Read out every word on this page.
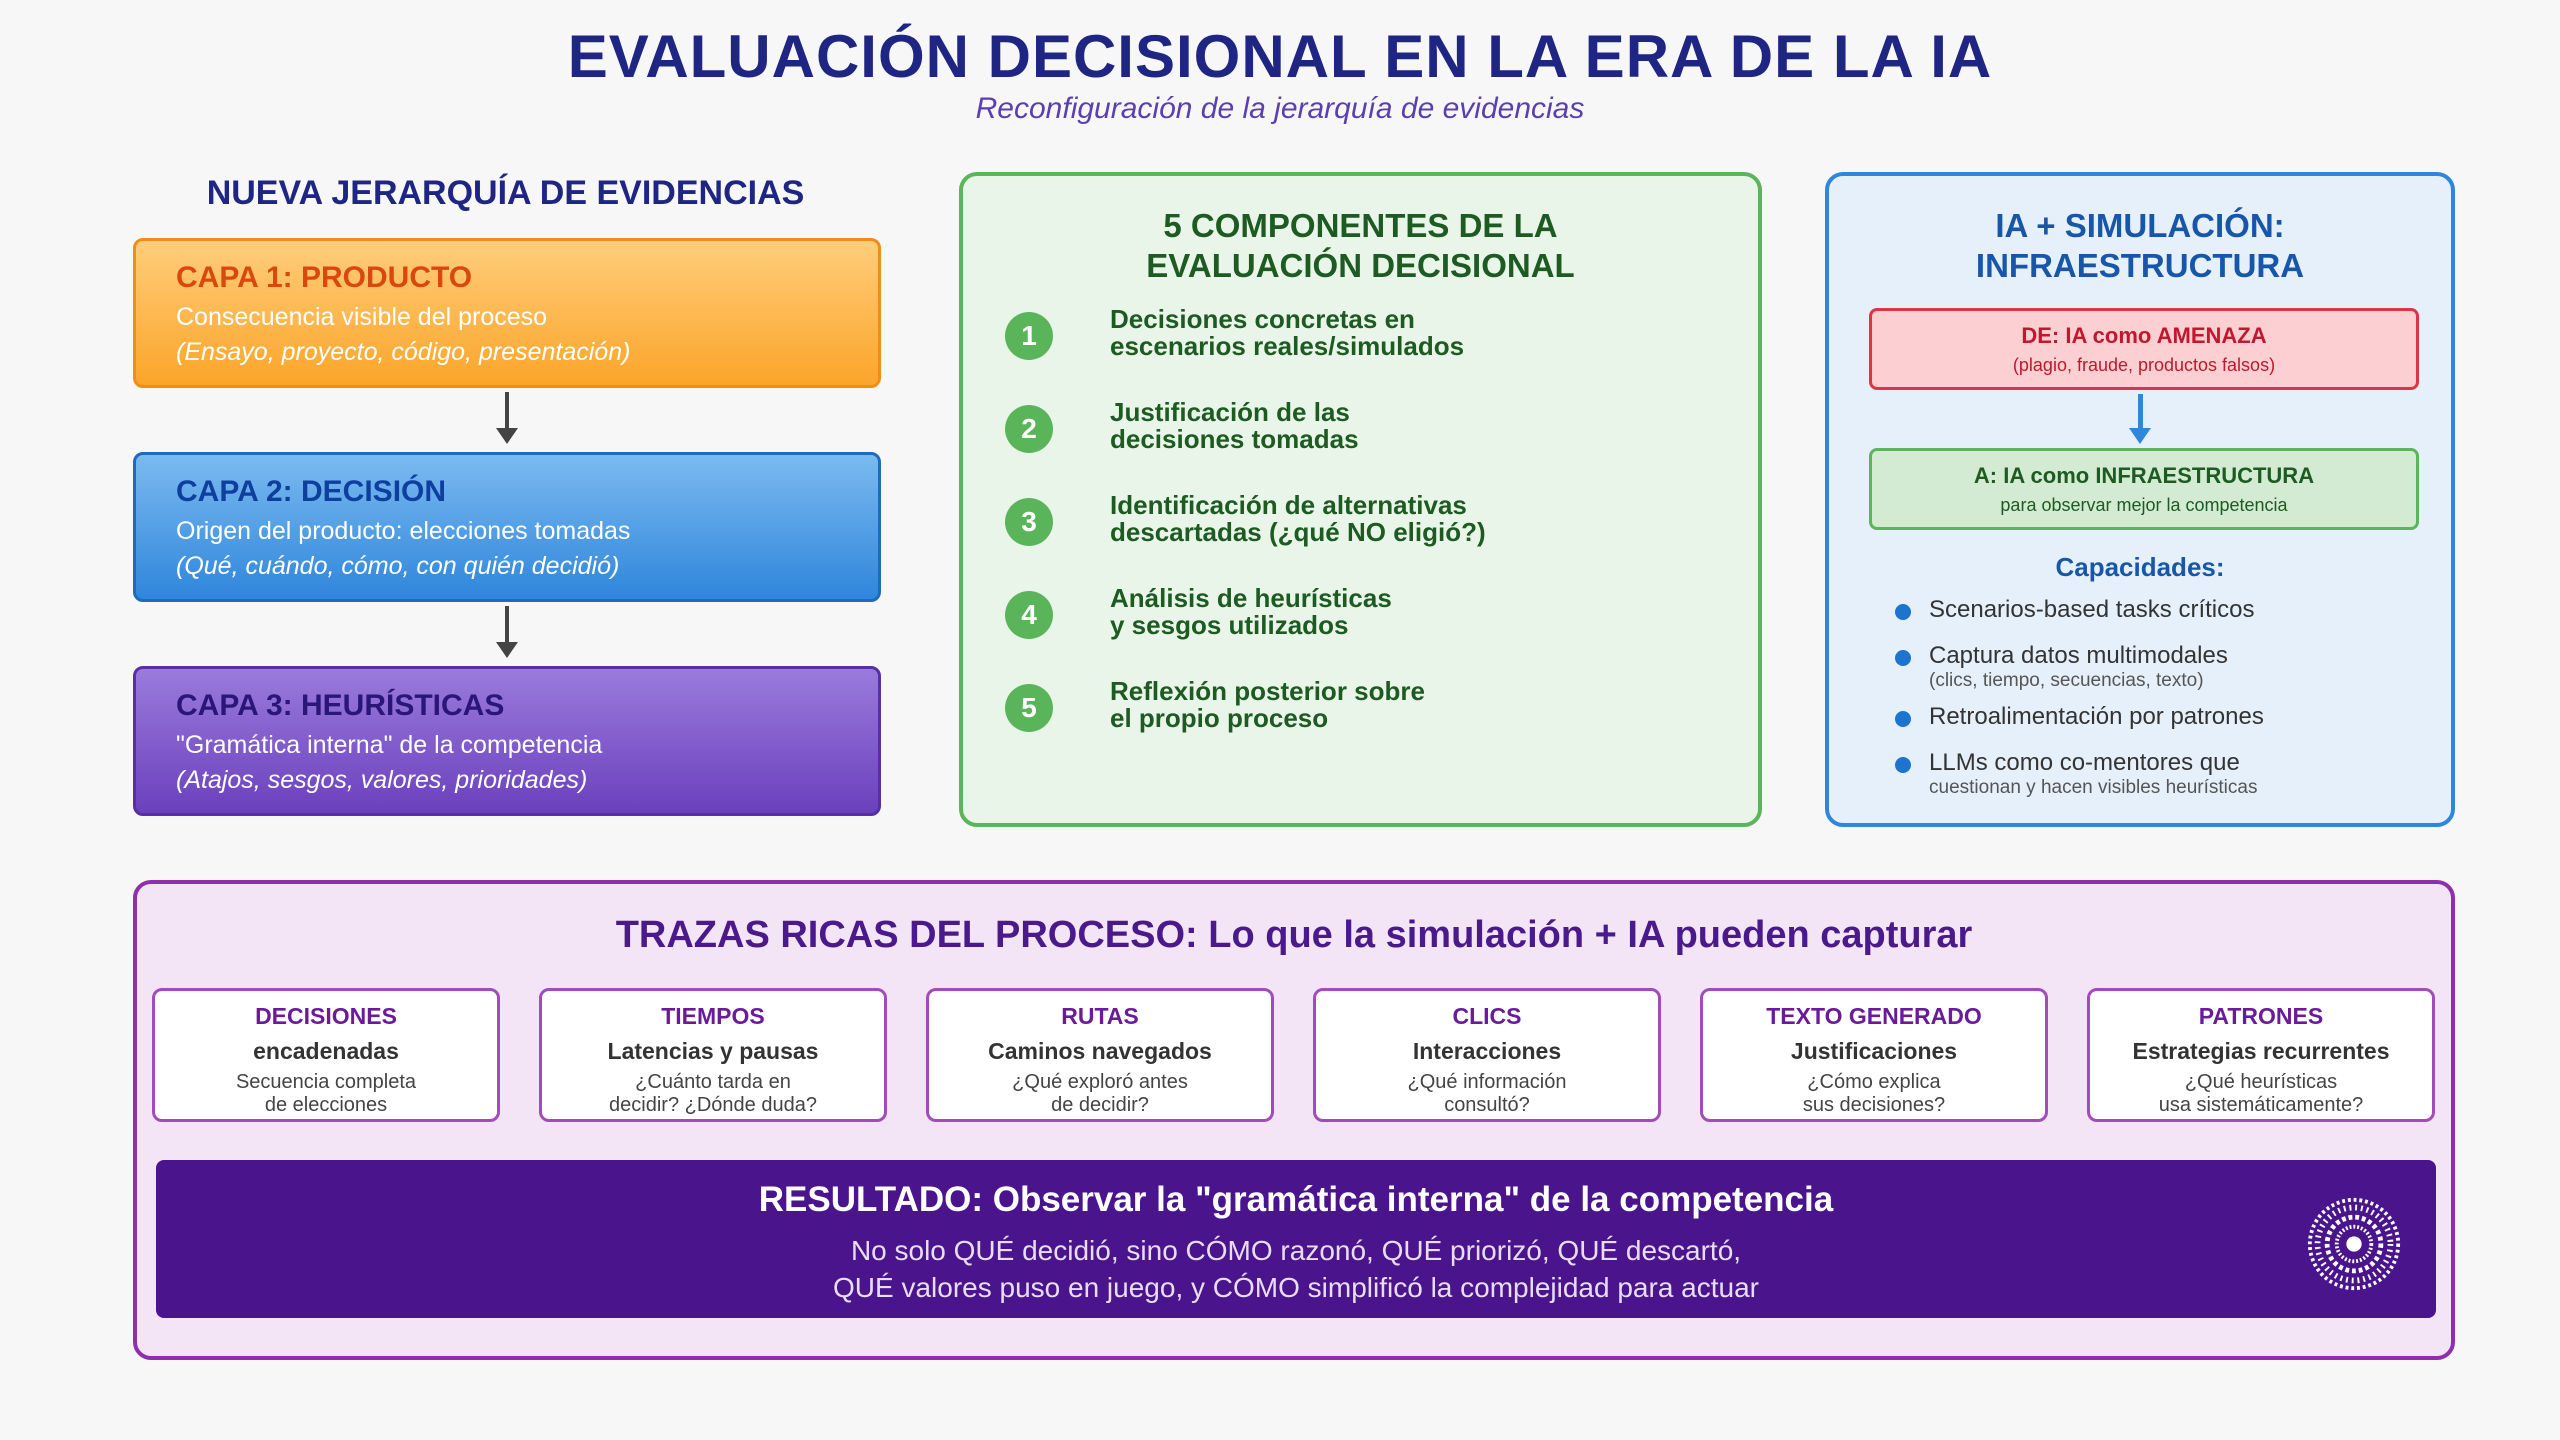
EVALUACIÓN DECISIONAL EN LA ERA DE LA IA
Reconfiguración de la jerarquía de evidencias
NUEVA JERARQUÍA DE EVIDENCIAS
CAPA 1: PRODUCTO
Consecuencia visible del proceso
(Ensayo, proyecto, código, presentación)
CAPA 2: DECISIÓN
Origen del producto: elecciones tomadas
(Qué, cuándo, cómo, con quién decidió)
CAPA 3: HEURÍSTICAS
"Gramática interna" de la competencia
(Atajos, sesgos, valores, prioridades)
5 COMPONENTES DE LA
EVALUACIÓN DECISIONAL
1
Decisiones concretas en
escenarios reales/simulados
2
Justificación de las
decisiones tomadas
3
Identificación de alternativas
descartadas (¿qué NO eligió?)
4
Análisis de heurísticas
y sesgos utilizados
5
Reflexión posterior sobre
el propio proceso
IA + SIMULACIÓN:
INFRAESTRUCTURA
DE: IA como AMENAZA
(plagio, fraude, productos falsos)
A: IA como INFRAESTRUCTURA
para observar mejor la competencia
Capacidades:
Scenarios-based tasks críticos
Captura datos multimodales
(clics, tiempo, secuencias, texto)
Retroalimentación por patrones
LLMs como co-mentores que
cuestionan y hacen visibles heurísticas
TRAZAS RICAS DEL PROCESO: Lo que la simulación + IA pueden capturar
DECISIONES
encadenadas
Secuencia completa
de elecciones
TIEMPOS
Latencias y pausas
¿Cuánto tarda en
decidir? ¿Dónde duda?
RUTAS
Caminos navegados
¿Qué exploró antes
de decidir?
CLICS
Interacciones
¿Qué información
consultó?
TEXTO GENERADO
Justificaciones
¿Cómo explica
sus decisiones?
PATRONES
Estrategias recurrentes
¿Qué heurísticas
usa sistemáticamente?
RESULTADO: Observar la "gramática interna" de la competencia
No solo QUÉ decidió, sino CÓMO razonó, QUÉ priorizó, QUÉ descartó,
QUÉ valores puso en juego, y CÓMO simplificó la complejidad para actuar
